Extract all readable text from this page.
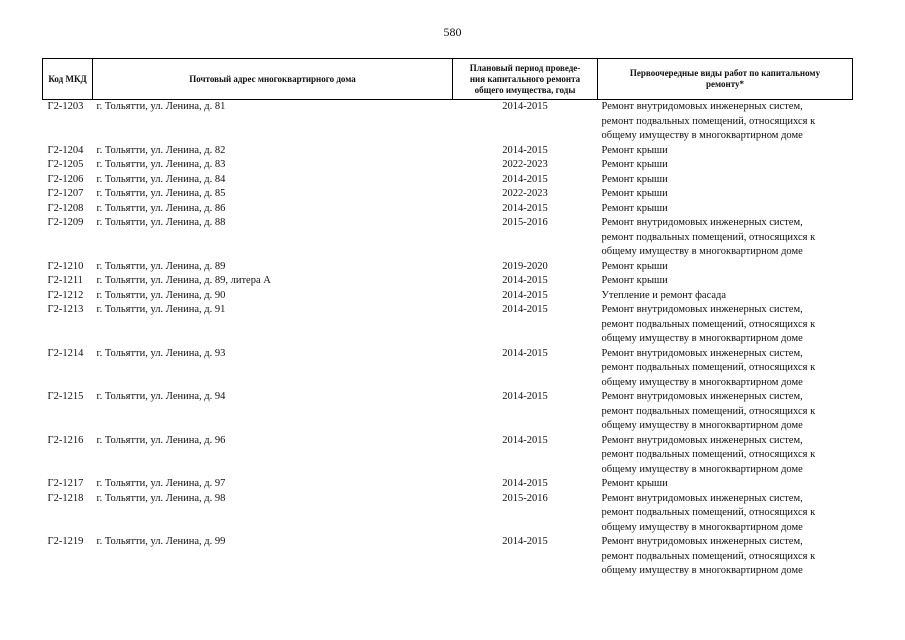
580
Код МКД	Почтовый адрес многоквартирного дома	Плановый период проведе-
ния капитального ремонта
общего имущества, годы	Первоочередные виды работ по капитальному
ремонту*

Г2-1203	г. Тольятти, ул. Ленина, д. 81	2014-2015	Ремонт внутридомовых инженерных систем,
ремонт подвальных помещений, относящихся к
общему имуществу в многоквартирном доме

Г2-1204	г. Тольятти, ул. Ленина, д. 82	2014-2015	Ремонт крыши

Г2-1205	г. Тольятти, ул. Ленина, д. 83	2022-2023	Ремонт крыши

Г2-1206	г. Тольятти, ул. Ленина, д. 84	2014-2015	Ремонт крыши

Г2-1207	г. Тольятти, ул. Ленина, д. 85	2022-2023	Ремонт крыши

Г2-1208	г. Тольятти, ул. Ленина, д. 86	2014-2015	Ремонт крыши

Г2-1209	г. Тольятти, ул. Ленина, д. 88	2015-2016	Ремонт внутридомовых инженерных систем,
ремонт подвальных помещений, относящихся к
общему имуществу в многоквартирном доме

Г2-1210	г. Тольятти, ул. Ленина, д. 89	2019-2020	Ремонт крыши

Г2-1211	г. Тольятти, ул. Ленина, д. 89, литера А	2014-2015	Ремонт крыши

Г2-1212	г. Тольятти, ул. Ленина, д. 90	2014-2015	Утепление и ремонт фасада

Г2-1213	г. Тольятти, ул. Ленина, д. 91	2014-2015	Ремонт внутридомовых инженерных систем,
ремонт подвальных помещений, относящихся к
общему имуществу в многоквартирном доме

Г2-1214	г. Тольятти, ул. Ленина, д. 93	2014-2015	Ремонт внутридомовых инженерных систем,
ремонт подвальных помещений, относящихся к
общему имуществу в многоквартирном доме

Г2-1215	г. Тольятти, ул. Ленина, д. 94	2014-2015	Ремонт внутридомовых инженерных систем,
ремонт подвальных помещений, относящихся к
общему имуществу в многоквартирном доме

Г2-1216	г. Тольятти, ул. Ленина, д. 96	2014-2015	Ремонт внутридомовых инженерных систем,
ремонт подвальных помещений, относящихся к
общему имуществу в многоквартирном доме

Г2-1217	г. Тольятти, ул. Ленина, д. 97	2014-2015	Ремонт крыши

Г2-1218	г. Тольятти, ул. Ленина, д. 98	2015-2016	Ремонт внутридомовых инженерных систем,
ремонт подвальных помещений, относящихся к
общему имуществу в многоквартирном доме

Г2-1219	г. Тольятти, ул. Ленина, д. 99	2014-2015	Ремонт внутридомовых инженерных систем,
ремонт подвальных помещений, относящихся к
общему имуществу в многоквартирном доме
